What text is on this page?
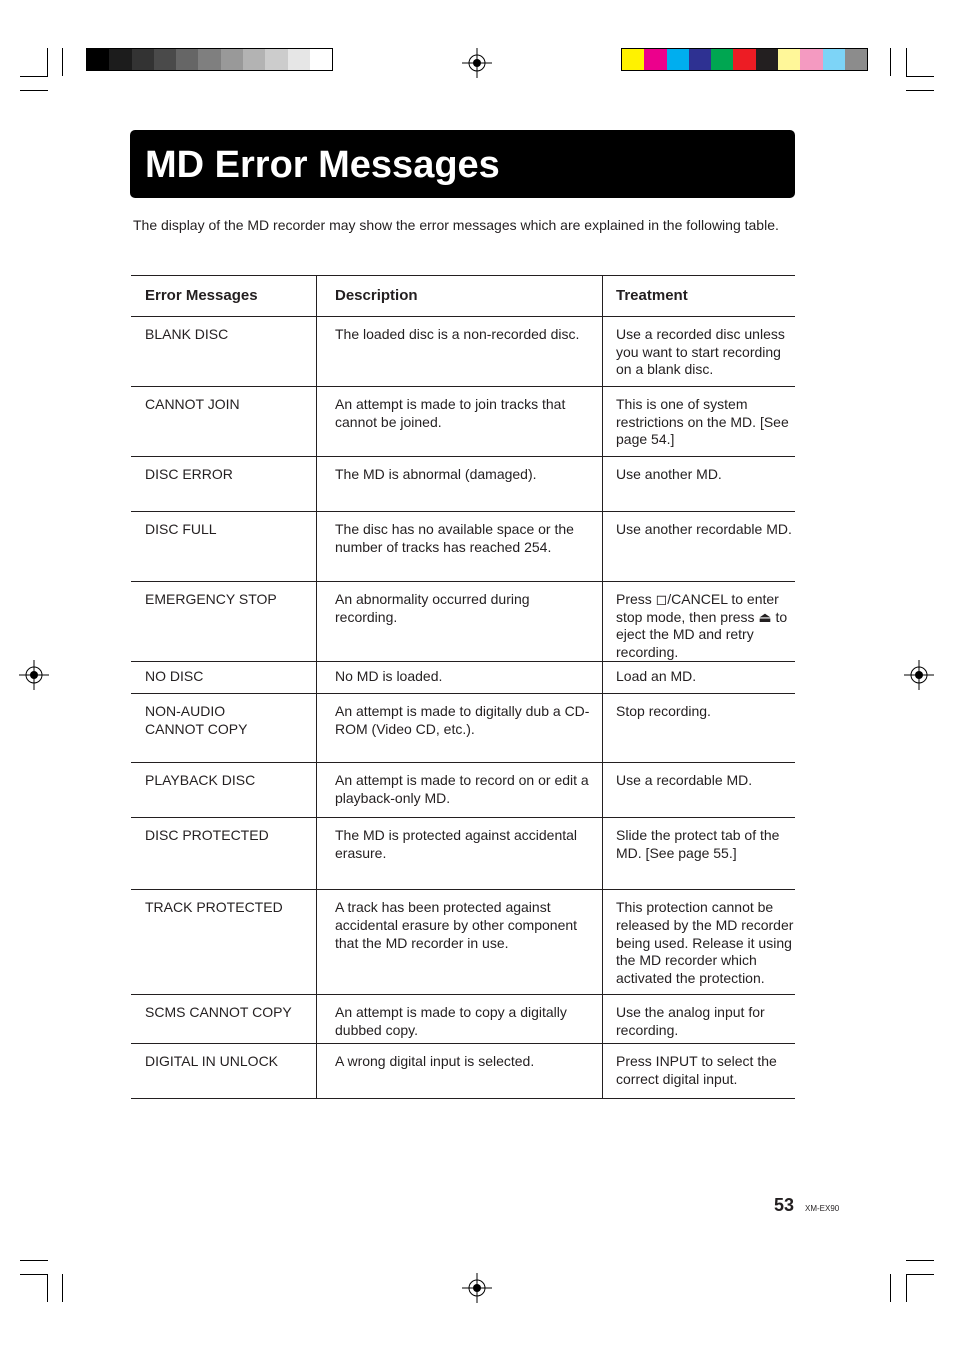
MD Error Messages

The display of the MD recorder may show the error messages which are explained in the following table.

Error Messages	Description	Treatment

BLANK DISC	The loaded disc is a non-recorded disc.	Use a recorded disc unless you want to start recording on a blank disc.

CANNOT JOIN	An attempt is made to join tracks that cannot be joined.	This is one of system restrictions on the MD. [See page 54.]

DISC ERROR	The MD is abnormal (damaged).	Use another MD.

DISC FULL	The disc has no available space or the number of tracks has reached 254.	Use another recordable MD.

EMERGENCY STOP	An abnormality occurred during recording.	Press ◻/CANCEL to enter stop mode, then press ⏏ to eject the MD and retry recording.

NO DISC	No MD is loaded.	Load an MD.

NON-AUDIO
CANNOT COPY	An attempt is made to digitally dub a CD-ROM (Video CD, etc.).	Stop recording.

PLAYBACK DISC	An attempt is made to record on or edit a playback-only MD.	Use a recordable MD.

DISC PROTECTED	The MD is protected against accidental erasure.	Slide the protect tab of the MD. [See page 55.]

TRACK PROTECTED	A track has been protected against accidental erasure by other component that the MD recorder in use.	This protection cannot be released by the MD recorder being used. Release it using the MD recorder which activated the protection.

SCMS CANNOT COPY	An attempt is made to copy a digitally dubbed copy.	Use the analog input for recording.

DIGITAL IN UNLOCK	A wrong digital input is selected.	Press INPUT to select the correct digital input.
53 XM-EX90
